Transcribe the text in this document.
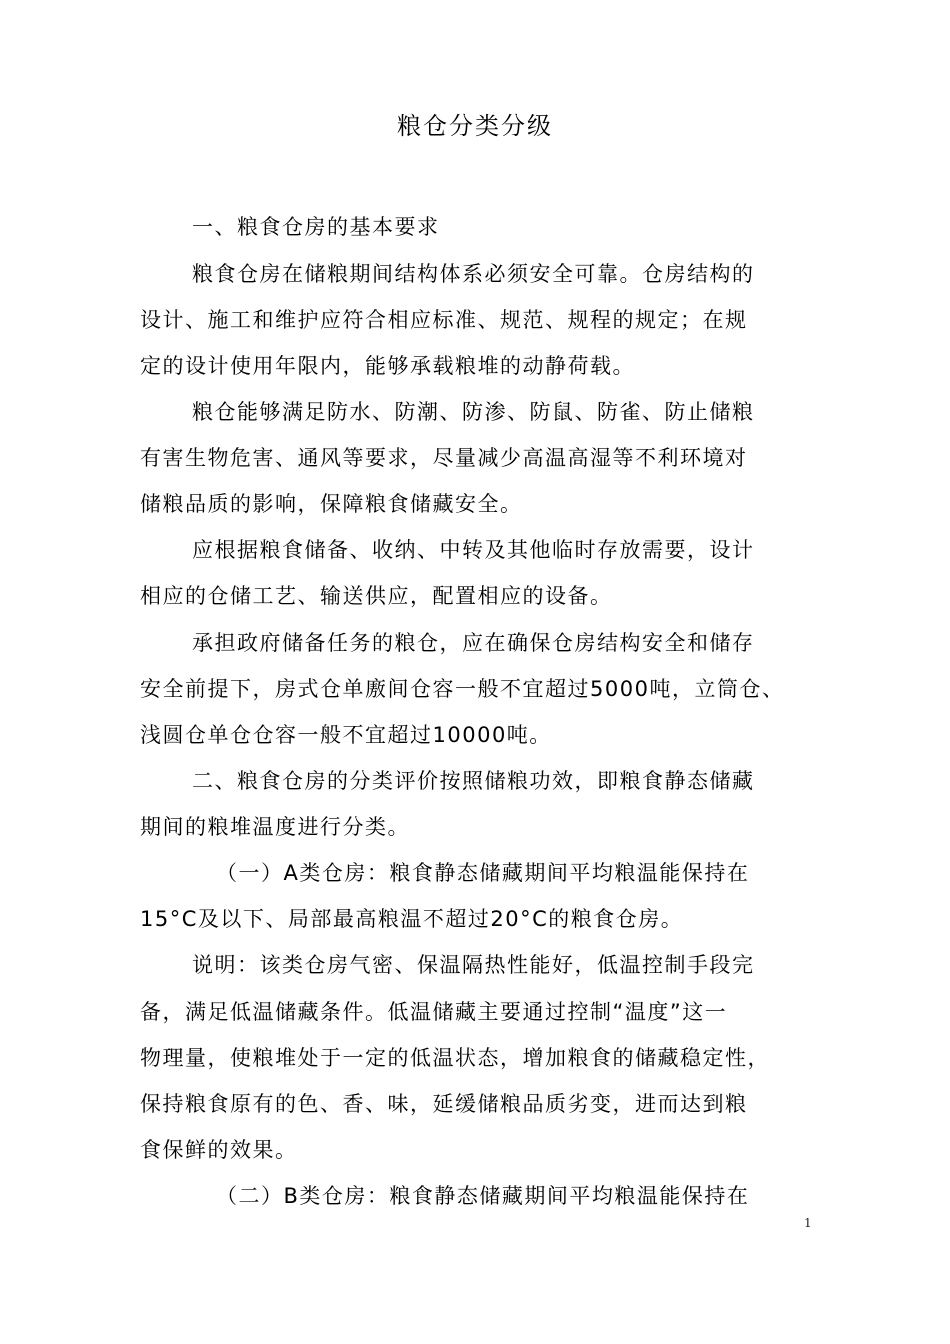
粮仓分类分级
一、粮食仓房的基本要求
粮食仓房在储粮期间结构体系必须安全可靠。仓房结构的
设计、施工和维护应符合相应标准、规范、规程的规定；在规
定的设计使用年限内，能够承载粮堆的动静荷载。
粮仓能够满足防水、防潮、防渗、防鼠、防雀、防止储粮
有害生物危害、通风等要求，尽量减少高温高湿等不利环境对
储粮品质的影响，保障粮食储藏安全。
应根据粮食储备、收纳、中转及其他临时存放需要，设计
相应的仓储工艺、输送供应，配置相应的设备。
承担政府储备任务的粮仓，应在确保仓房结构安全和储存
安全前提下，房式仓单廒间仓容一般不宜超过5000吨，立筒仓、
浅圆仓单仓仓容一般不宜超过10000吨。
二、粮食仓房的分类评价按照储粮功效，即粮食静态储藏
期间的粮堆温度进行分类。
（一）A类仓房：粮食静态储藏期间平均粮温能保持在
15°C及以下、局部最高粮温不超过20°C的粮食仓房。
说明：该类仓房气密、保温隔热性能好，低温控制手段完
备，满足低温储藏条件。低温储藏主要通过控制“温度”这一
物理量，使粮堆处于一定的低温状态，增加粮食的储藏稳定性，
保持粮食原有的色、香、味，延缓储粮品质劣变，进而达到粮
食保鲜的效果。
（二）B类仓房：粮食静态储藏期间平均粮温能保持在
1
